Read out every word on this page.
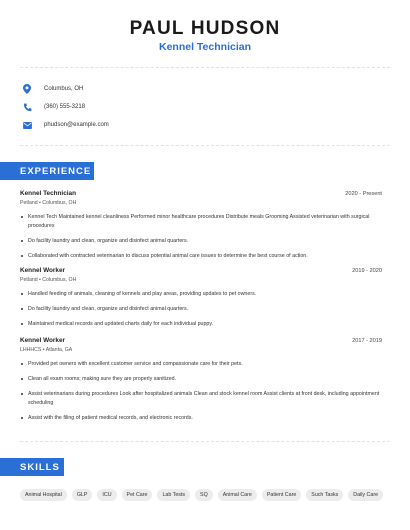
PAUL HUDSON
Kennel Technician
Columbus, OH
(360) 555-3218
phudson@example.com
EXPERIENCE
Kennel Technician	2020 - Present
Petland • Columbus, OH
Kennel Tech Maintained kennel cleanliness Performed minor healthcare procedures Distribute meals Grooming Assisted veterinarian with surgical procedures
Do facility laundry and clean, organize and disinfect animal quarters.
Collaborated with contracted veterinarian to discuss potential animal care issues to determine the best course of action.
Kennel Worker	2019 - 2020
Petland • Columbus, OH
Handled feeding of animals, cleaning of kennels and play areas, providing updates to pet owners.
Do facility laundry and clean, organize and disinfect animal quarters.
Maintained medical records and updated charts daily for each individual puppy.
Kennel Worker	2017 - 2019
LHHHCS • Atlanta, GA
Provided pet owners with excellent customer service and compassionate care for their pets.
Clean all exam rooms; making sure they are properly sanitized.
Assist veterinarians during procedures Look after hospitalized animals Clean and stock kennel room Assist clients at front desk, including appointment scheduling
Assist with the filing of patient medical records, and electronic records.
SKILLS
Animal Hospital	GLP	ICU	Pet Care	Lab Tests	SQ	Animal Care	Patient Care	Such Tasks	Daily Care
